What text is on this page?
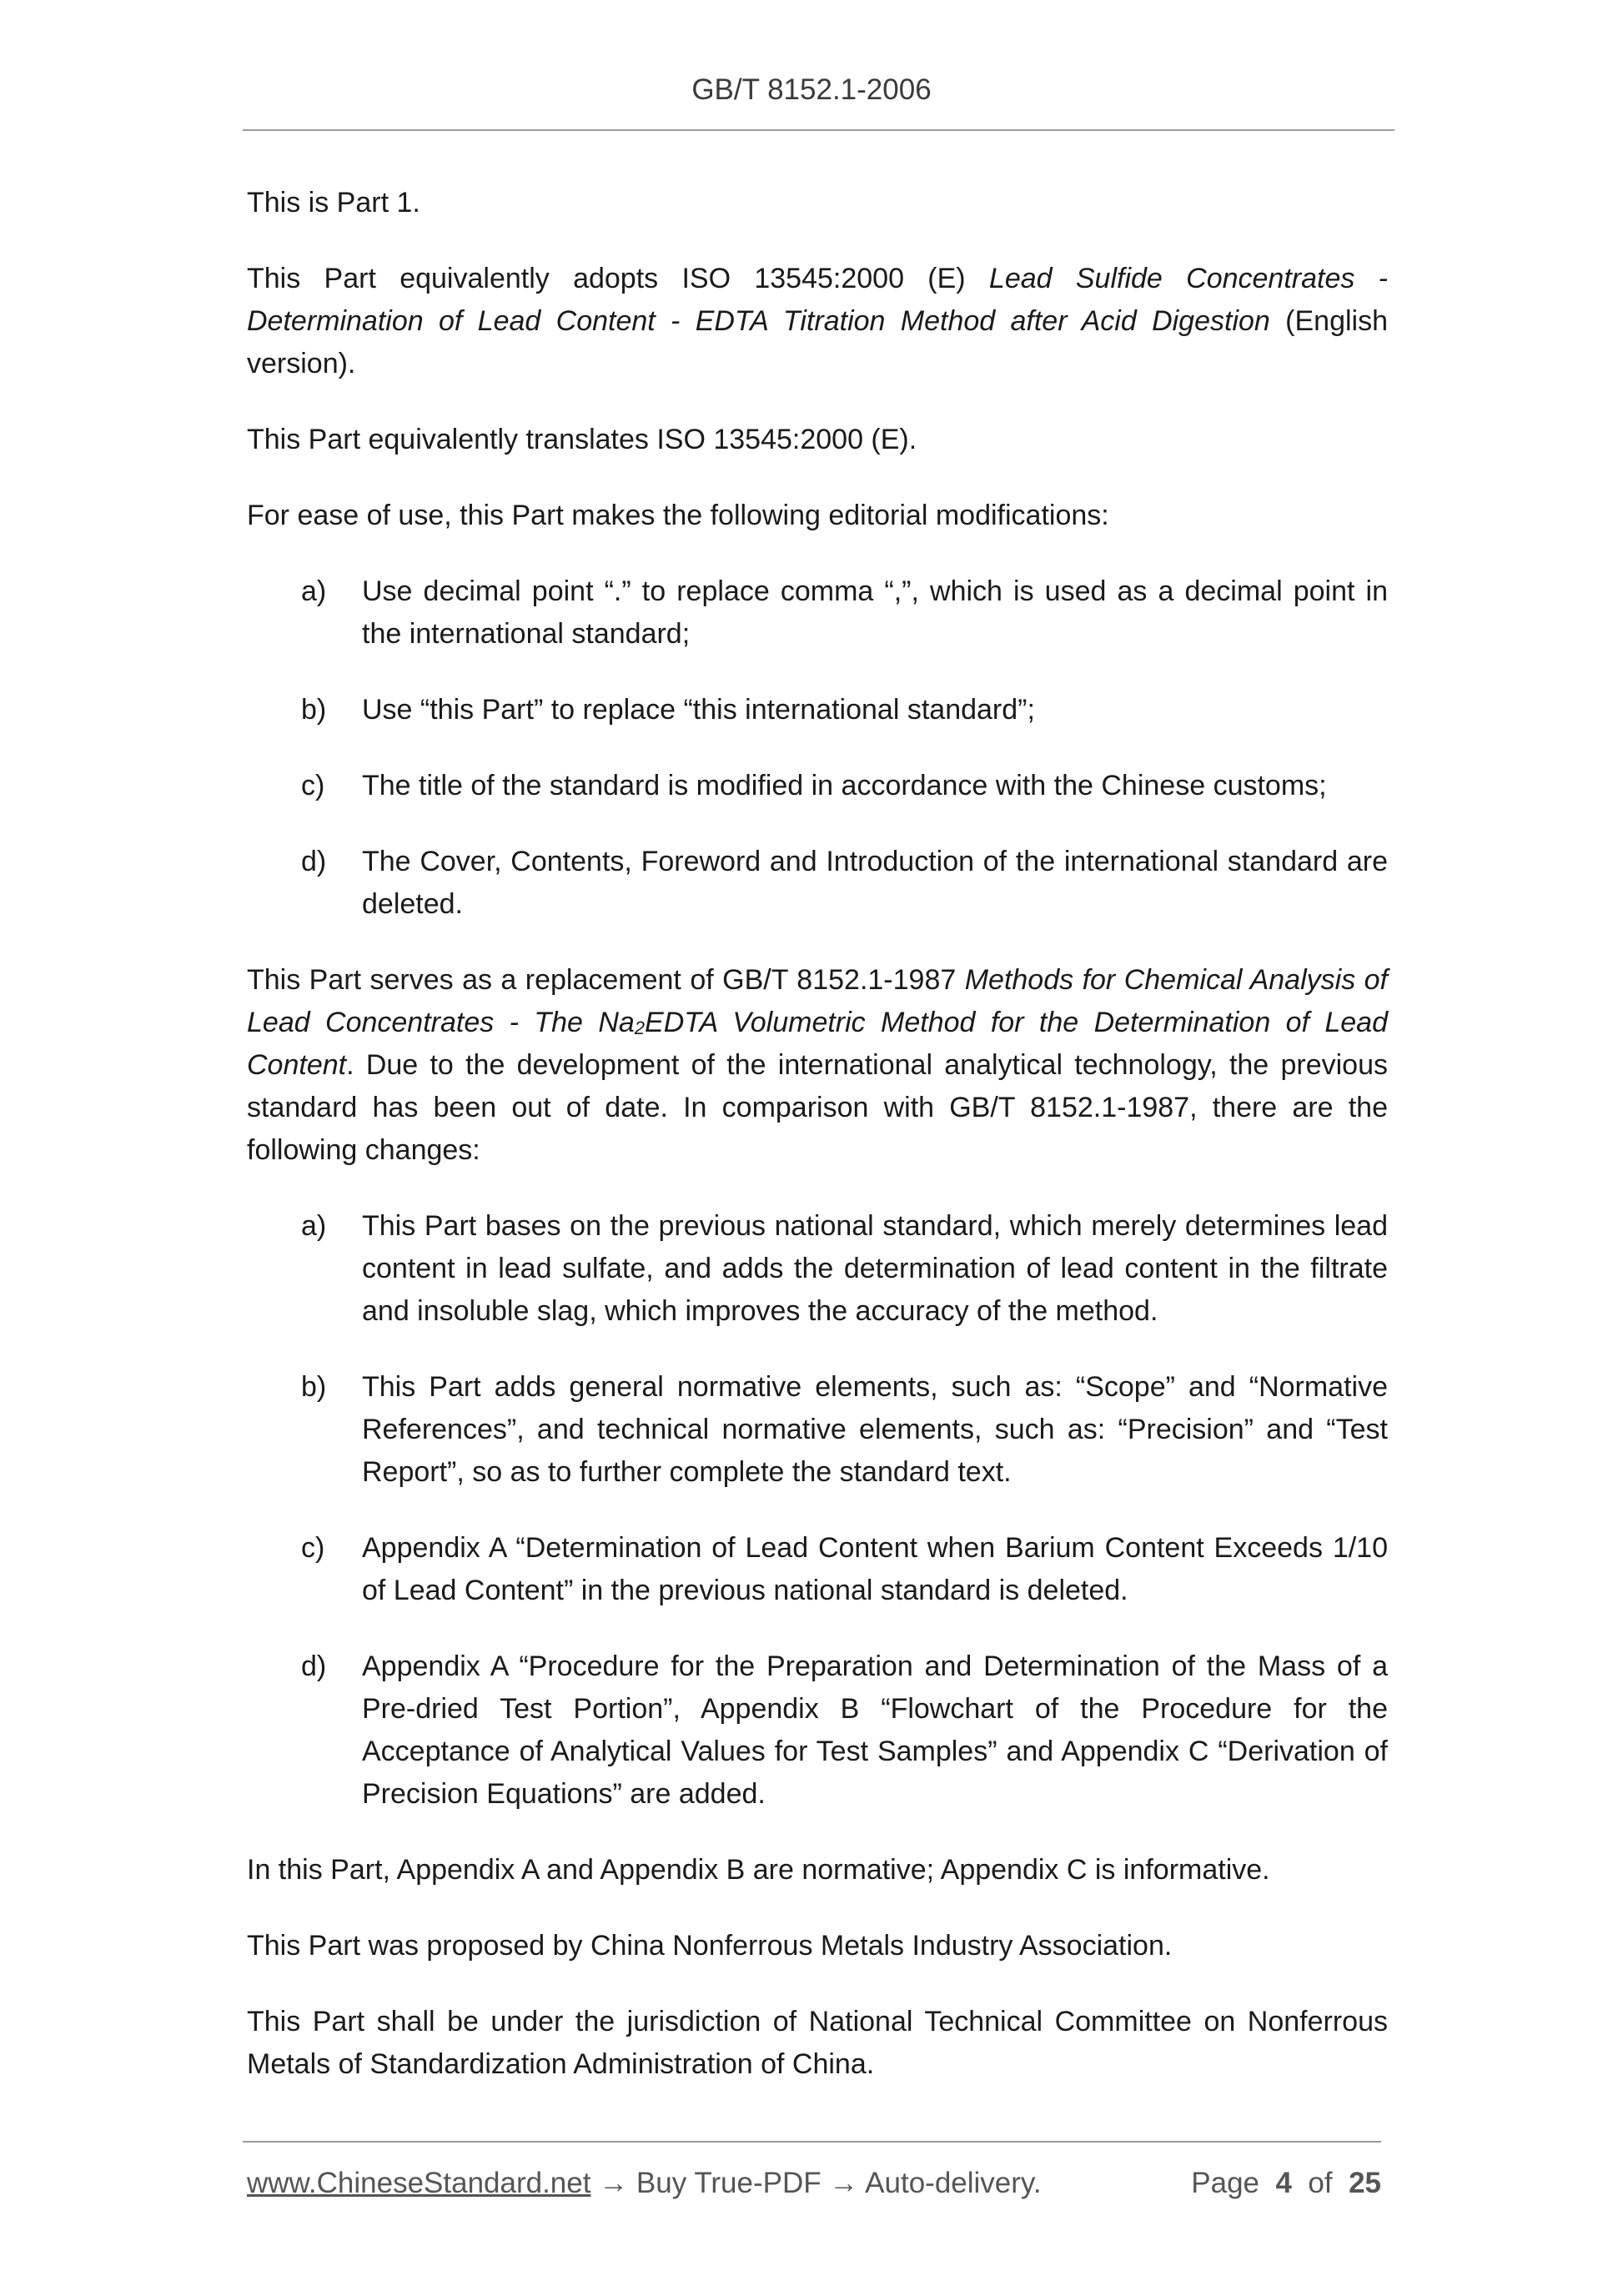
GB/T 8152.1-2006

This is Part 1.

This Part equivalently adopts ISO 13545:2000 (E) Lead Sulfide Concentrates - Determination of Lead Content - EDTA Titration Method after Acid Digestion (English version).

This Part equivalently translates ISO 13545:2000 (E).

For ease of use, this Part makes the following editorial modifications:

a) Use decimal point “.” to replace comma “,”, which is used as a decimal point in the international standard;
b) Use “this Part” to replace “this international standard”;
c) The title of the standard is modified in accordance with the Chinese customs;
d) The Cover, Contents, Foreword and Introduction of the international standard are deleted.

This Part serves as a replacement of GB/T 8152.1-1987 Methods for Chemical Analysis of Lead Concentrates - The $Na_2EDTA$ Volumetric Method for the Determination of Lead Content. Due to the development of the international analytical technology, the previous standard has been out of date. In comparison with GB/T 8152.1-1987, there are the following changes:

a) This Part bases on the previous national standard, which merely determines lead content in lead sulfate, and adds the determination of lead content in the filtrate and insoluble slag, which improves the accuracy of the method.
b) This Part adds general normative elements, such as: “Scope” and “Normative References”, and technical normative elements, such as: “Precision” and “Test Report”, so as to further complete the standard text.
c) Appendix A “Determination of Lead Content when Barium Content Exceeds 1/10 of Lead Content” in the previous national standard is deleted.
d) Appendix A “Procedure for the Preparation and Determination of the Mass of a Pre-dried Test Portion”, Appendix B “Flowchart of the Procedure for the Acceptance of Analytical Values for Test Samples” and Appendix C “Derivation of Precision Equations” are added.

In this Part, Appendix A and Appendix B are normative; Appendix C is informative.

This Part was proposed by China Nonferrous Metals Industry Association.

This Part shall be under the jurisdiction of National Technical Committee on Nonferrous Metals of Standardization Administration of China.

www.ChineseStandard.net → Buy True-PDF → Auto-delivery.	Page 4 of 25
